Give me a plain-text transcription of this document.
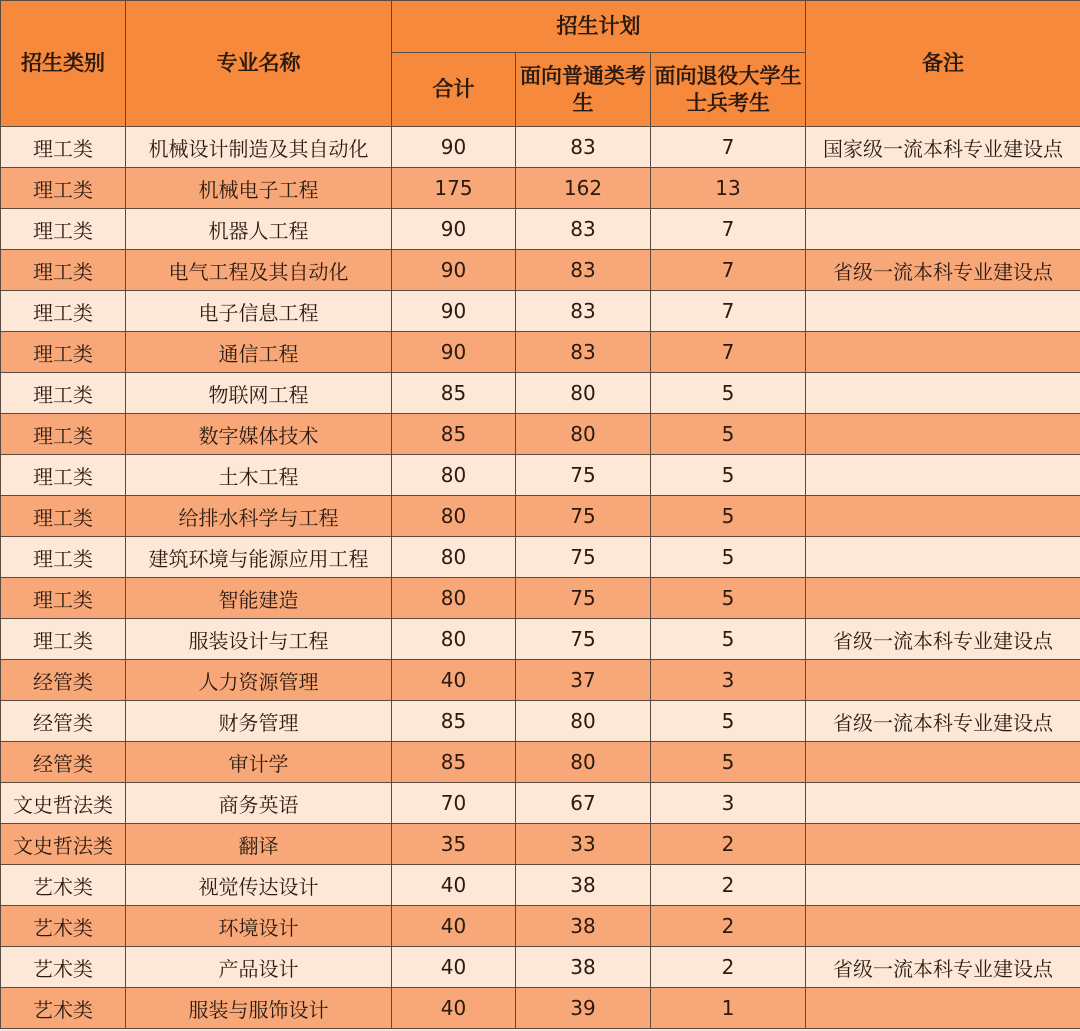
招生类别	专业名称	招生计划			备注
		合计	面向普通类考生	面向退役大学生士兵考生	
理工类	机械设计制造及其自动化	90	83	7	国家级一流本科专业建设点
理工类	机械电子工程	175	162	13	
理工类	机器人工程	90	83	7	
理工类	电气工程及其自动化	90	83	7	省级一流本科专业建设点
理工类	电子信息工程	90	83	7	
理工类	通信工程	90	83	7	
理工类	物联网工程	85	80	5	
理工类	数字媒体技术	85	80	5	
理工类	土木工程	80	75	5	
理工类	给排水科学与工程	80	75	5	
理工类	建筑环境与能源应用工程	80	75	5	
理工类	智能建造	80	75	5	
理工类	服装设计与工程	80	75	5	省级一流本科专业建设点
经管类	人力资源管理	40	37	3	
经管类	财务管理	85	80	5	省级一流本科专业建设点
经管类	审计学	85	80	5	
文史哲法类	商务英语	70	67	3	
文史哲法类	翻译	35	33	2	
艺术类	视觉传达设计	40	38	2	
艺术类	环境设计	40	38	2	
艺术类	产品设计	40	38	2	省级一流本科专业建设点
艺术类	服装与服饰设计	40	39	1	
